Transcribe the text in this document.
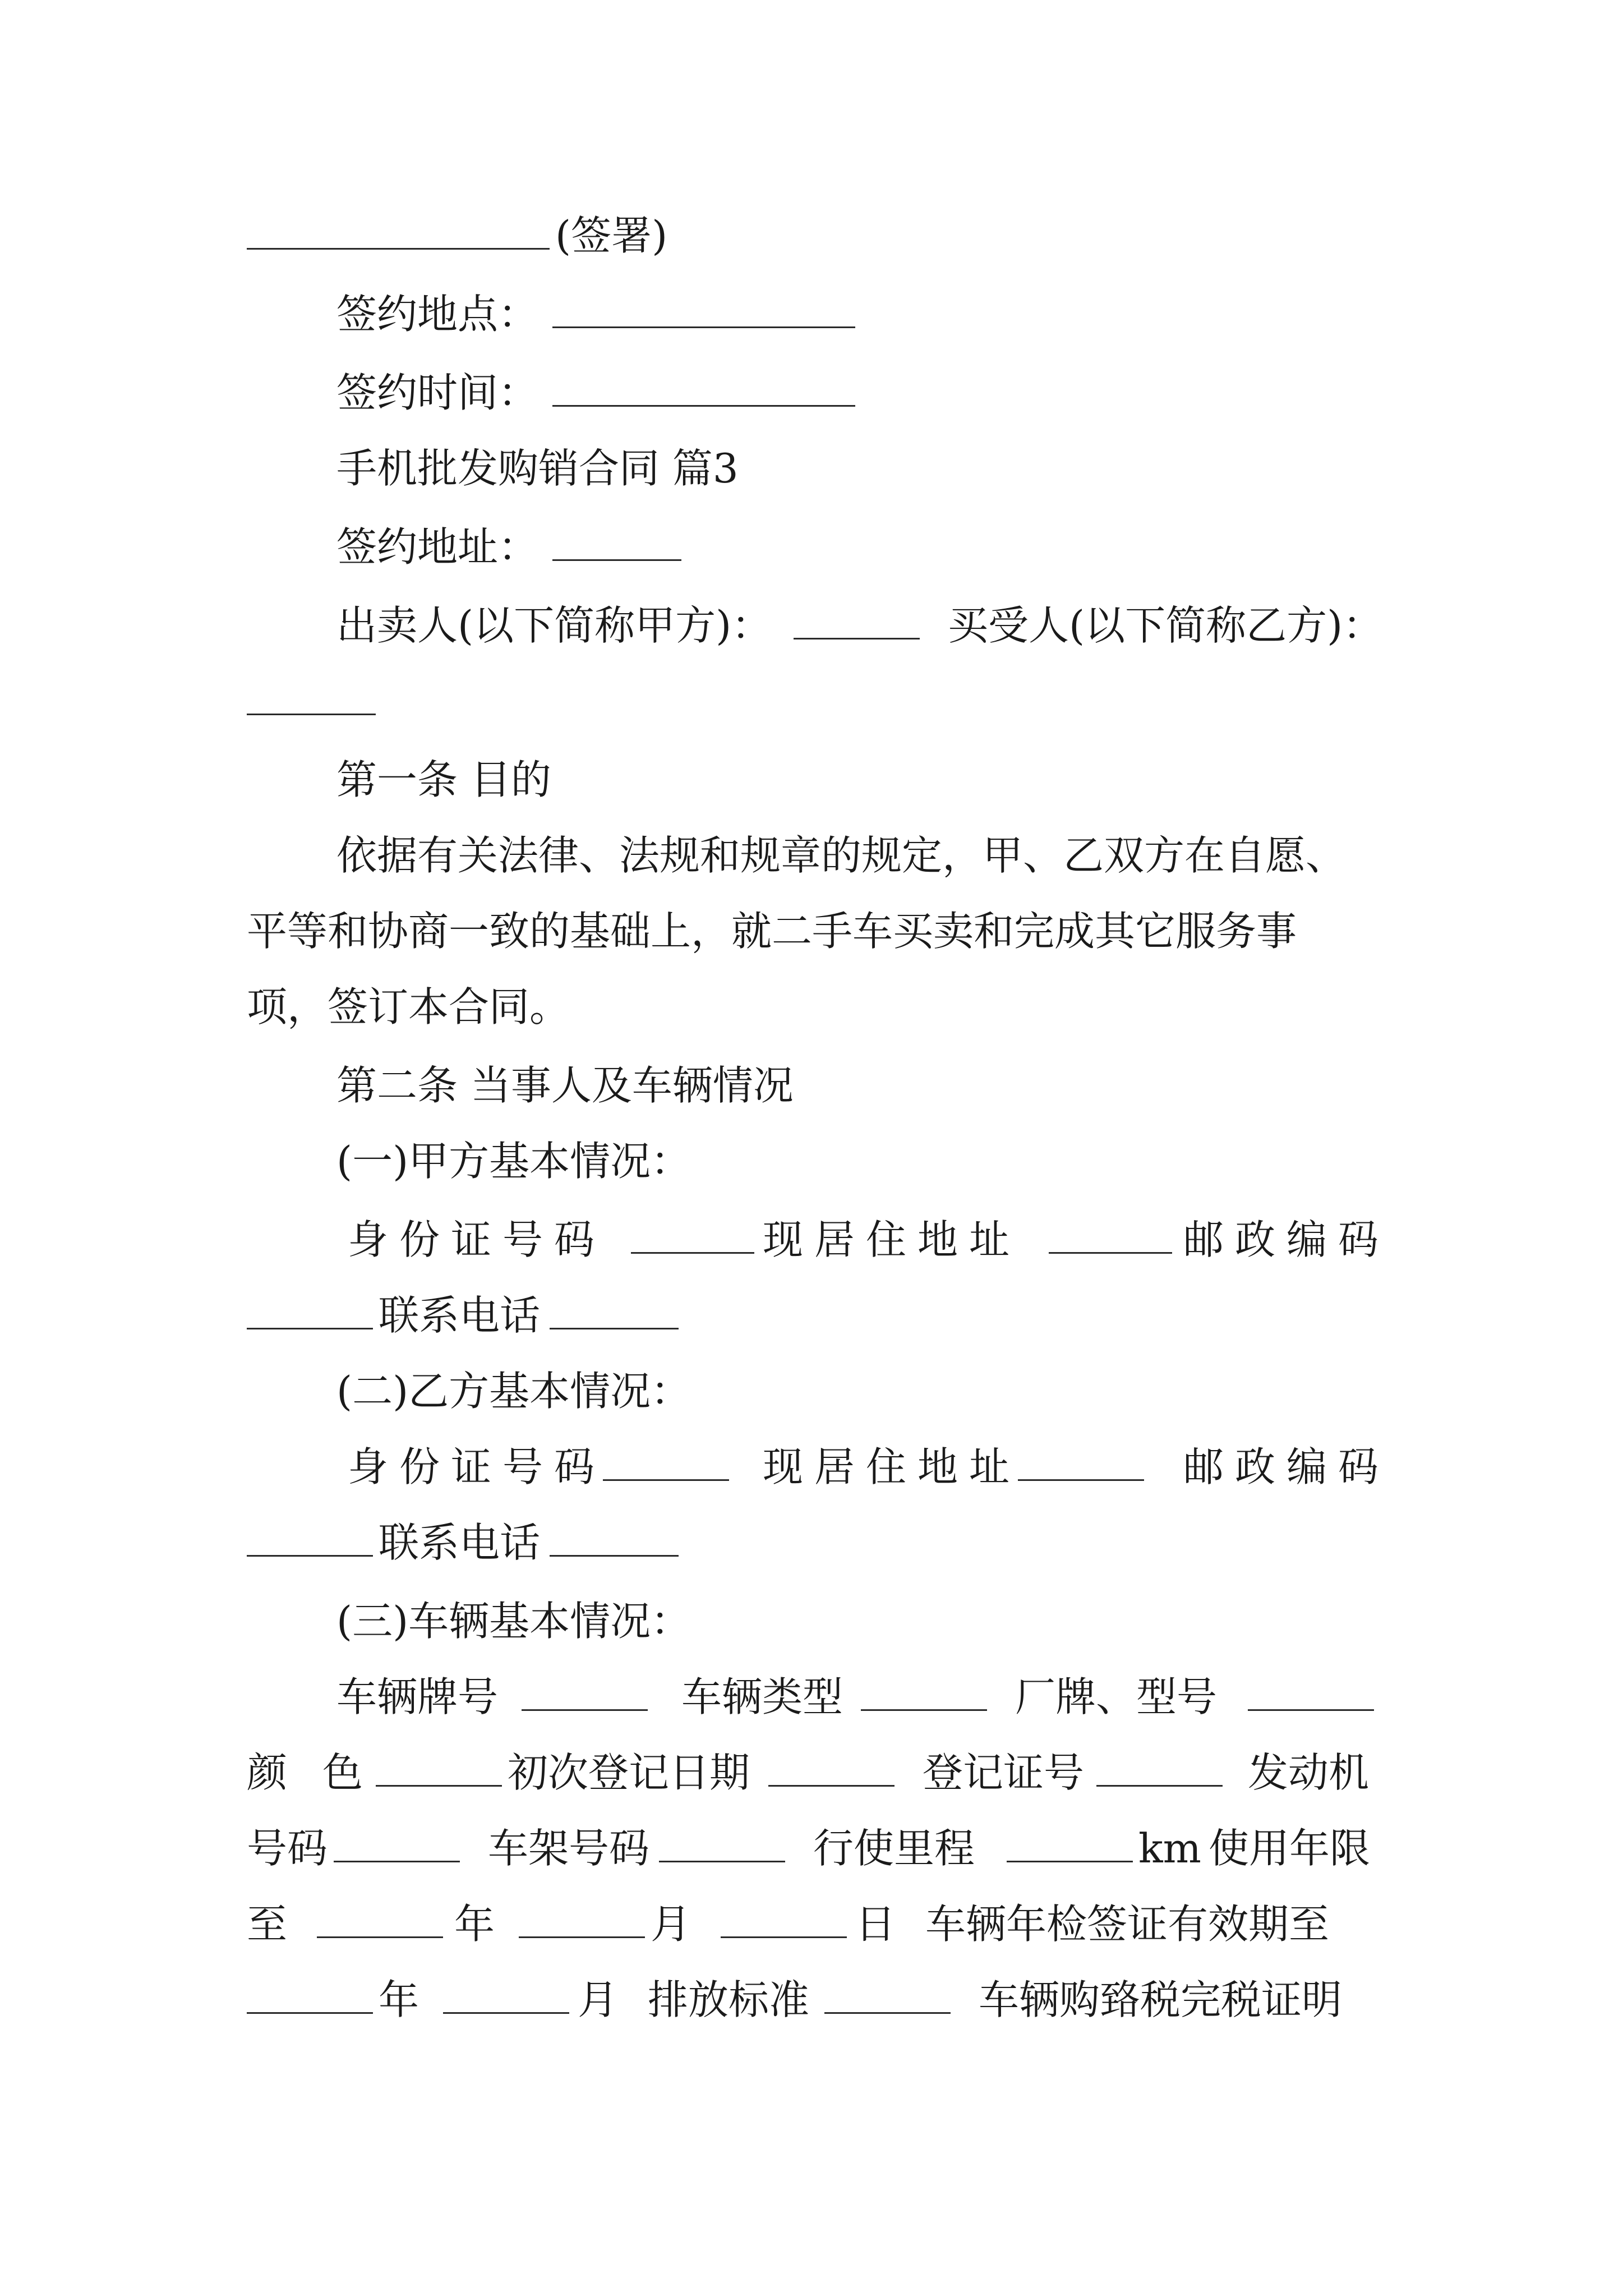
(签署)
签约地点：
签约时间：
手机批发购销合同 篇3
签约地址：
出卖人(以下简称甲方)：	买受人(以下简称乙方)：
第一条 目的
依据有关法律、法规和规章的规定，甲、乙双方在自愿、
平等和协商一致的基础上，就二手车买卖和完成其它服务事
项，签订本合同。
第二条 当事人及车辆情况
(一)甲方基本情况：
身份证号码	现居住地址	邮政编码
联系电话
(二)乙方基本情况：
身份证号码	现居住地址	邮政编码
联系电话
(三)车辆基本情况：
车辆牌号	车辆类型	厂牌、型号
颜 色	初次登记日期	登记证号	发动机
号码	车架号码	行使里程	km 使用年限
至	年	月	日 车辆年检签证有效期至
年	月 排放标准	车辆购臵税完税证明
